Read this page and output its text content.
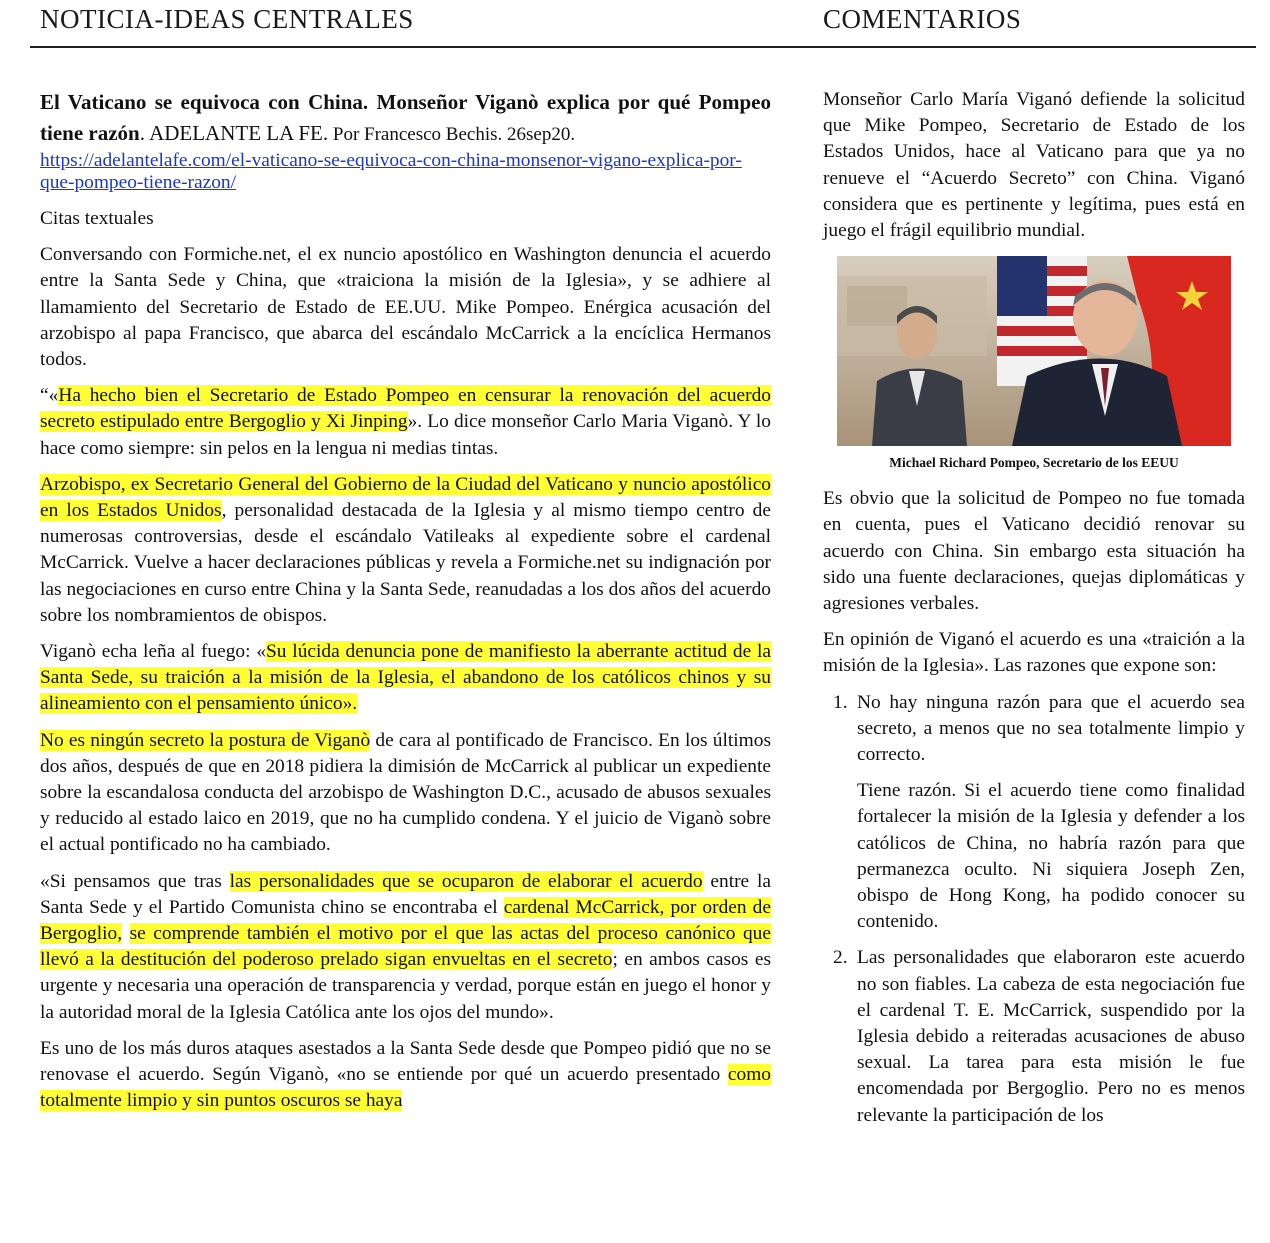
NOTICIA-IDEAS CENTRALES	COMENTARIOS

El Vaticano se equivoca con China. Monseñor Viganò explica por qué Pompeo tiene razón. ADELANTE LA FE. Por Francesco Bechis. 26sep20.

https://adelantelafe.com/el-vaticano-se-equivoca-con-china-monsenor-vigano-explica-por-que-pompeo-tiene-razon/

Citas textuales

Conversando con Formiche.net, el ex nuncio apostólico en Washington denuncia el acuerdo entre la Santa Sede y China, que «traiciona la misión de la Iglesia», y se adhiere al llamamiento del Secretario de Estado de EE.UU. Mike Pompeo. Enérgica acusación del arzobispo al papa Francisco, que abarca del escándalo McCarrick a la encíclica Hermanos todos.

“«Ha hecho bien el Secretario de Estado Pompeo en censurar la renovación del acuerdo secreto estipulado entre Bergoglio y Xi Jinping». Lo dice monseñor Carlo Maria Viganò. Y lo hace como siempre: sin pelos en la lengua ni medias tintas.

Arzobispo, ex Secretario General del Gobierno de la Ciudad del Vaticano y nuncio apostólico en los Estados Unidos, personalidad destacada de la Iglesia y al mismo tiempo centro de numerosas controversias, desde el escándalo Vatileaks al expediente sobre el cardenal McCarrick. Vuelve a hacer declaraciones públicas y revela a Formiche.net su indignación por las negociaciones en curso entre China y la Santa Sede, reanudadas a los dos años del acuerdo sobre los nombramientos de obispos.

Viganò echa leña al fuego: «Su lúcida denuncia pone de manifiesto la aberrante actitud de la Santa Sede, su traición a la misión de la Iglesia, el abandono de los católicos chinos y su alineamiento con el pensamiento único».

No es ningún secreto la postura de Viganò de cara al pontificado de Francisco. En los últimos dos años, después de que en 2018 pidiera la dimisión de McCarrick al publicar un expediente sobre la escandalosa conducta del arzobispo de Washington D.C., acusado de abusos sexuales y reducido al estado laico en 2019, que no ha cumplido condena. Y el juicio de Viganò sobre el actual pontificado no ha cambiado.

«Si pensamos que tras las personalidades que se ocuparon de elaborar el acuerdo entre la Santa Sede y el Partido Comunista chino se encontraba el cardenal McCarrick, por orden de Bergoglio, se comprende también el motivo por el que las actas del proceso canónico que llevó a la destitución del poderoso prelado sigan envueltas en el secreto; en ambos casos es urgente y necesaria una operación de transparencia y verdad, porque están en juego el honor y la autoridad moral de la Iglesia Católica ante los ojos del mundo».

Es uno de los más duros ataques asestados a la Santa Sede desde que Pompeo pidió que no se renovase el acuerdo. Según Viganò, «no se entiende por qué un acuerdo presentado como totalmente limpio y sin puntos oscuros se haya

Monseñor Carlo María Viganó defiende la solicitud que Mike Pompeo, Secretario de Estado de los Estados Unidos, hace al Vaticano para que ya no renueve el “Acuerdo Secreto” con China. Viganó considera que es pertinente y legítima, pues está en juego el frágil equilibrio mundial.

Michael Richard Pompeo, Secretario de los EEUU

Es obvio que la solicitud de Pompeo no fue tomada en cuenta, pues el Vaticano decidió renovar su acuerdo con China. Sin embargo esta situación ha sido una fuente declaraciones, quejas diplomáticas y agresiones verbales.

En opinión de Viganó el acuerdo es una «traición a la misión de la Iglesia». Las razones que expone son:

1. No hay ninguna razón para que el acuerdo sea secreto, a menos que no sea totalmente limpio y correcto.

Tiene razón. Si el acuerdo tiene como finalidad fortalecer la misión de la Iglesia y defender a los católicos de China, no habría razón para que permanezca oculto. Ni siquiera Joseph Zen, obispo de Hong Kong, ha podido conocer su contenido.

2. Las personalidades que elaboraron este acuerdo no son fiables. La cabeza de esta negociación fue el cardenal T. E. McCarrick, suspendido por la Iglesia debido a reiteradas acusaciones de abuso sexual. La tarea para esta misión le fue encomendada por Bergoglio. Pero no es menos relevante la participación de los
